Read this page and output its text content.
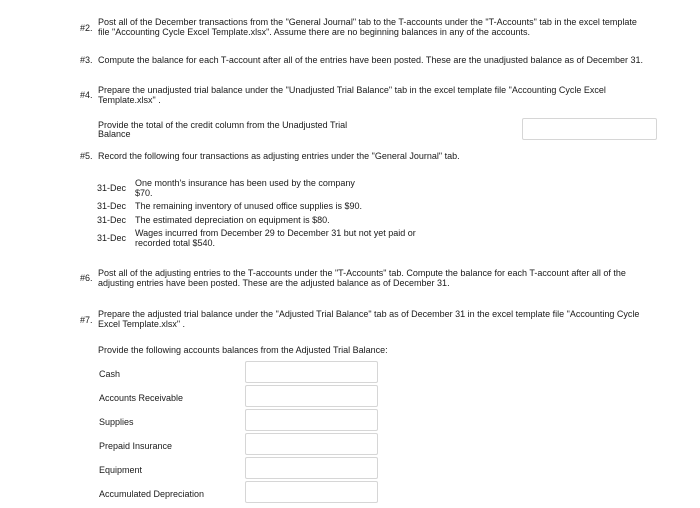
#2.
Post all of the December transactions from the "General Journal" tab to the T-accounts under the "T-Accounts" tab in the excel template
file "Accounting Cycle Excel Template.xlsx". Assume there are no beginning balances in any of the accounts.
#3. Compute the balance for each T-account after all of the entries have been posted. These are the unadjusted balance as of December 31.
#4. Prepare the unadjusted trial balance under the "Unadjusted Trial Balance" tab in the excel template file "Accounting Cycle Excel
Template.xlsx" .
Provide the total of the credit column from the Unadjusted Trial
Balance
#5. Record the following four transactions as adjusting entries under the "General Journal" tab.
31-Dec One month's insurance has been used by the company
$70.
31-Dec The remaining inventory of unused office supplies is $90.
31-Dec The estimated depreciation on equipment is $80.
31-Dec Wages incurred from December 29 to December 31 but not yet paid or
recorded total $540.
#6. Post all of the adjusting entries to the T-accounts under the "T-Accounts" tab. Compute the balance for each T-account after all of the
adjusting entries have been posted. These are the adjusted balance as of December 31.
#7.
Prepare the adjusted trial balance under the "Adjusted Trial Balance" tab as of December 31 in the excel template file "Accounting Cycle
Excel Template.xlsx" .
Provide the following accounts balances from the Adjusted Trial Balance:
Cash
Accounts Receivable
Supplies
Prepaid Insurance
Equipment
Accumulated Depreciation
